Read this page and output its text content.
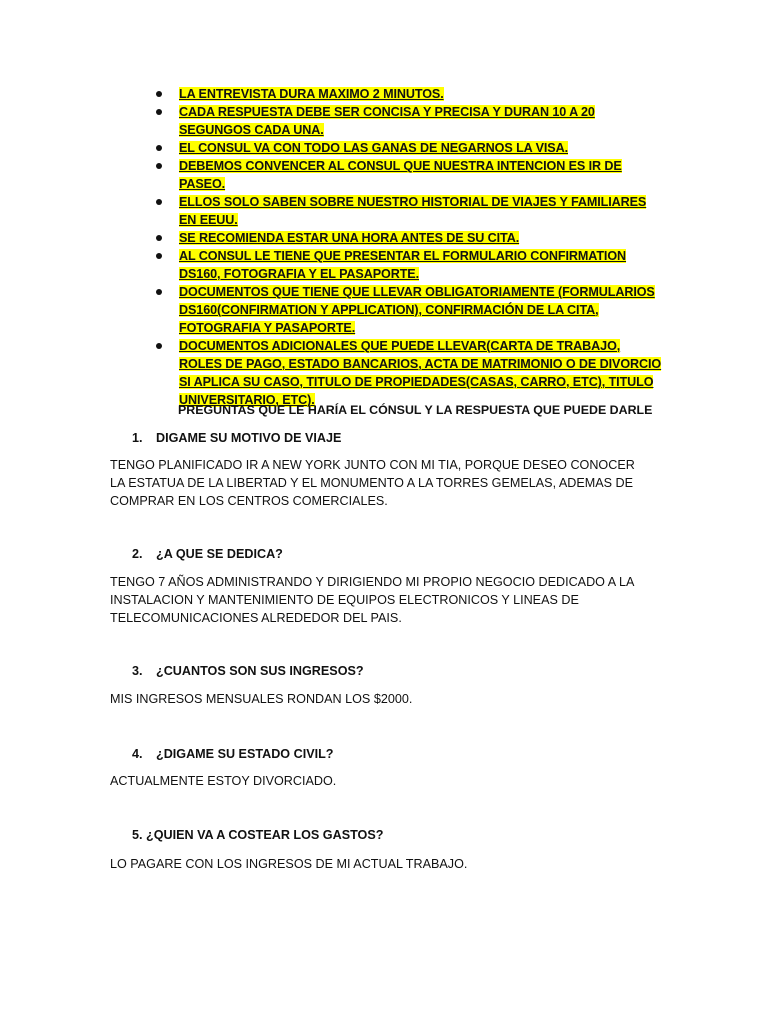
LA ENTREVISTA DURA MAXIMO 2 MINUTOS.
CADA RESPUESTA DEBE SER CONCISA Y PRECISA Y DURAN 10 A 20 SEGUNGOS CADA UNA.
EL CONSUL VA CON TODO LAS GANAS DE NEGARNOS LA VISA.
DEBEMOS CONVENCER AL CONSUL QUE NUESTRA INTENCION ES IR DE PASEO.
ELLOS SOLO SABEN SOBRE NUESTRO HISTORIAL DE VIAJES Y FAMILIARES EN EEUU.
SE RECOMIENDA ESTAR UNA HORA ANTES DE SU CITA.
AL CONSUL LE TIENE QUE PRESENTAR EL FORMULARIO CONFIRMATION DS160, FOTOGRAFIA Y EL PASAPORTE.
DOCUMENTOS QUE TIENE QUE LLEVAR OBLIGATORIAMENTE (FORMULARIOS DS160(CONFIRMATION Y APPLICATION), CONFIRMACIÓN DE LA CITA, FOTOGRAFIA Y PASAPORTE.
DOCUMENTOS ADICIONALES QUE PUEDE LLEVAR(CARTA DE TRABAJO, ROLES DE PAGO, ESTADO BANCARIOS, ACTA DE MATRIMONIO O DE DIVORCIO SI APLICA SU CASO, TITULO DE PROPIEDADES(CASAS, CARRO, ETC), TITULO UNIVERSITARIO, ETC).
PREGUNTAS QUE LE HARÍA EL CÓNSUL Y LA RESPUESTA QUE PUEDE DARLE
1. DIGAME SU MOTIVO DE VIAJE
TENGO PLANIFICADO IR A NEW YORK JUNTO CON MI TIA, PORQUE DESEO CONOCER LA ESTATUA DE LA LIBERTAD Y EL MONUMENTO A LA TORRES GEMELAS, ADEMAS DE COMPRAR EN LOS CENTROS COMERCIALES.
2. ¿A QUE SE DEDICA?
TENGO 7 AÑOS ADMINISTRANDO Y DIRIGIENDO MI PROPIO NEGOCIO DEDICADO A LA INSTALACION Y MANTENIMIENTO DE EQUIPOS ELECTRONICOS Y LINEAS DE TELECOMUNICACIONES ALREDEDOR DEL PAIS.
3. ¿CUANTOS SON SUS INGRESOS?
MIS INGRESOS MENSUALES RONDAN LOS $2000.
4. ¿DIGAME SU ESTADO CIVIL?
ACTUALMENTE ESTOY DIVORCIADO.
5. ¿QUIEN VA A COSTEAR LOS GASTOS?
LO PAGARE CON LOS INGRESOS DE MI ACTUAL TRABAJO.
